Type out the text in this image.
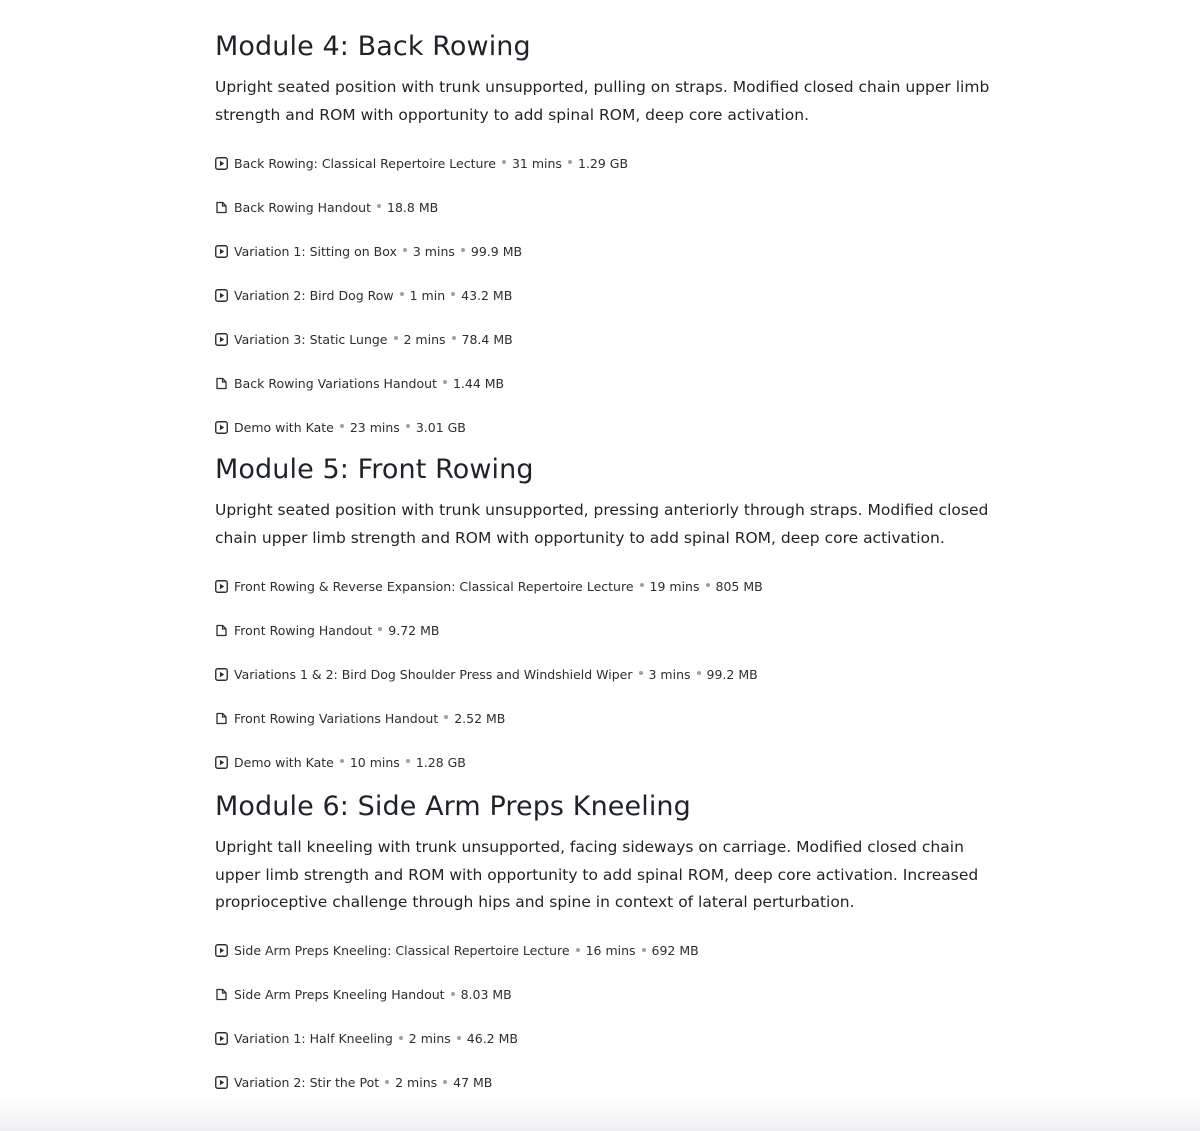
Module 4: Back Rowing

Upright seated position with trunk unsupported, pulling on straps. Modified closed chain upper limb strength and ROM with opportunity to add spinal ROM, deep core activation.

Back Rowing: Classical Repertoire Lecture 31 mins 1.29 GB
Back Rowing Handout 18.8 MB
Variation 1: Sitting on Box 3 mins 99.9 MB
Variation 2: Bird Dog Row 1 min 43.2 MB
Variation 3: Static Lunge 2 mins 78.4 MB
Back Rowing Variations Handout 1.44 MB
Demo with Kate 23 mins 3.01 GB
Module 5: Front Rowing

Upright seated position with trunk unsupported, pressing anteriorly through straps. Modified closed chain upper limb strength and ROM with opportunity to add spinal ROM, deep core activation.

Front Rowing & Reverse Expansion: Classical Repertoire Lecture 19 mins 805 MB
Front Rowing Handout 9.72 MB
Variations 1 & 2: Bird Dog Shoulder Press and Windshield Wiper 3 mins 99.2 MB
Front Rowing Variations Handout 2.52 MB
Demo with Kate 10 mins 1.28 GB
Module 6: Side Arm Preps Kneeling

Upright tall kneeling with trunk unsupported, facing sideways on carriage. Modified closed chain upper limb strength and ROM with opportunity to add spinal ROM, deep core activation. Increased proprioceptive challenge through hips and spine in context of lateral perturbation.

Side Arm Preps Kneeling: Classical Repertoire Lecture 16 mins 692 MB
Side Arm Preps Kneeling Handout 8.03 MB
Variation 1: Half Kneeling 2 mins 46.2 MB
Variation 2: Stir the Pot 2 mins 47 MB
